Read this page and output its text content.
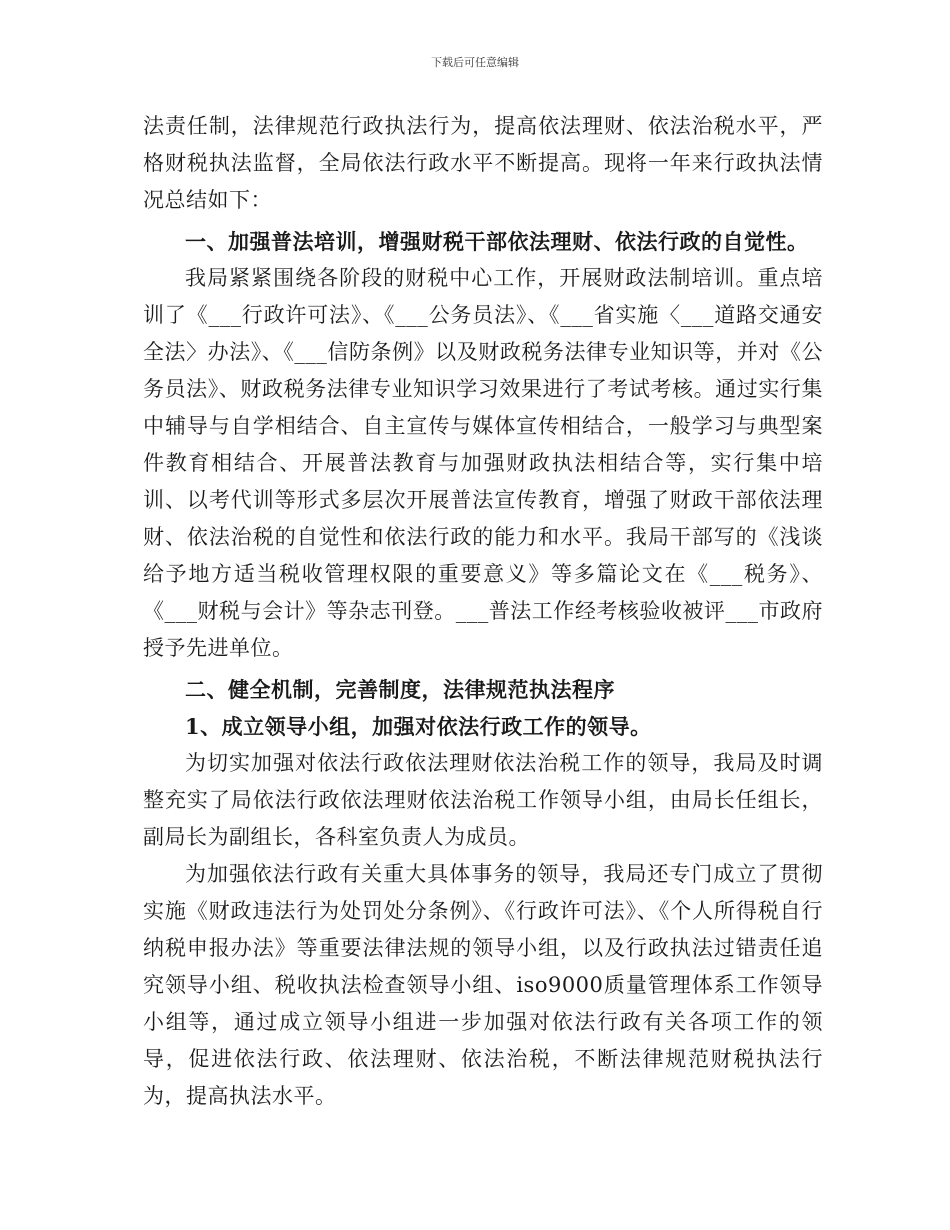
下载后可任意编辑

法责任制，法律规范行政执法行为，提高依法理财、依法治税水平，严格财税执法监督，全局依法行政水平不断提高。现将一年来行政执法情况总结如下：

一、加强普法培训，增强财税干部依法理财、依法行政的自觉性。

我局紧紧围绕各阶段的财税中心工作，开展财政法制培训。重点培训了《___行政许可法》、《___公务员法》、《___省实施〈___道路交通安全法〉办法》、《___信防条例》以及财政税务法律专业知识等，并对《公务员法》、财政税务法律专业知识学习效果进行了考试考核。通过实行集中辅导与自学相结合、自主宣传与媒体宣传相结合，一般学习与典型案件教育相结合、开展普法教育与加强财政执法相结合等，实行集中培训、以考代训等形式多层次开展普法宣传教育，增强了财政干部依法理财、依法治税的自觉性和依法行政的能力和水平。我局干部写的《浅谈给予地方适当税收管理权限的重要意义》等多篇论文在《___税务》、《___财税与会计》等杂志刊登。___普法工作经考核验收被评___市政府授予先进单位。

二、健全机制，完善制度，法律规范执法程序

1、成立领导小组，加强对依法行政工作的领导。

为切实加强对依法行政依法理财依法治税工作的领导，我局及时调整充实了局依法行政依法理财依法治税工作领导小组，由局长任组长，副局长为副组长，各科室负责人为成员。

为加强依法行政有关重大具体事务的领导，我局还专门成立了贯彻实施《财政违法行为处罚处分条例》、《行政许可法》、《个人所得税自行纳税申报办法》等重要法律法规的领导小组，以及行政执法过错责任追究领导小组、税收执法检查领导小组、iso9000质量管理体系工作领导小组等，通过成立领导小组进一步加强对依法行政有关各项工作的领导，促进依法行政、依法理财、依法治税，不断法律规范财税执法行为，提高执法水平。
